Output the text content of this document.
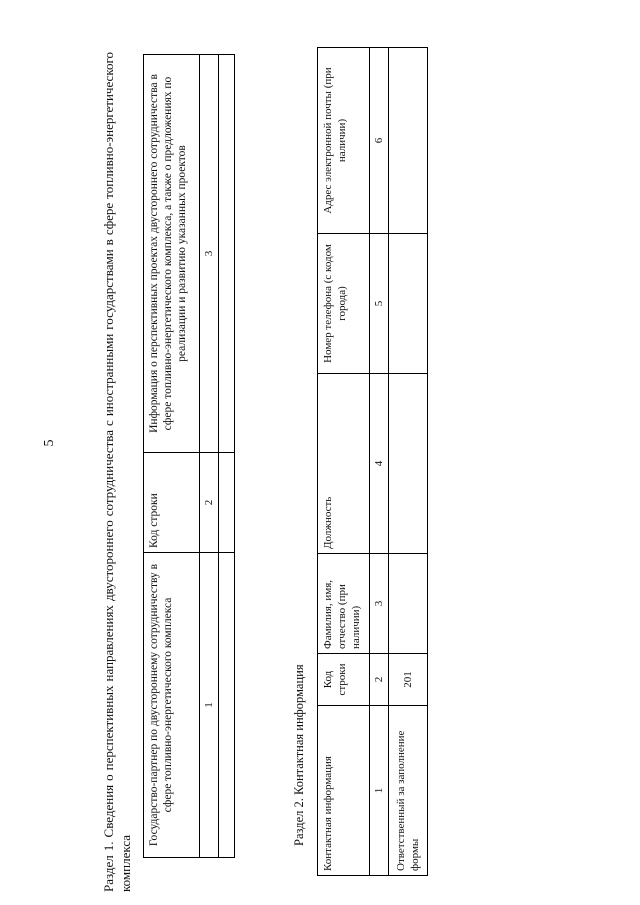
5	Раздел 1. Сведения о перспективных направлениях двустороннего сотрудничества с иностранными государствами в сфере топливно-энергетического комплекса
Государство-партнер по двустороннему сотрудничеству в сфере топливно-энергетического комплекса	Код строки	Информация о перспективных проектах двустороннего сотрудничества в сфере топливно-энергетического комплекса, а также о предложениях по реализации и развитию указанных проектов
1	2	3

Раздел 2. Контактная информация Контактная информация	Код строки	Фамилия, имя, отчество (при наличии)	Должность	Номер телефона (с кодом города)	Адрес электронной почты (при наличии)
1	2	3	4	5	6
Ответственный за заполнение формы	201				
